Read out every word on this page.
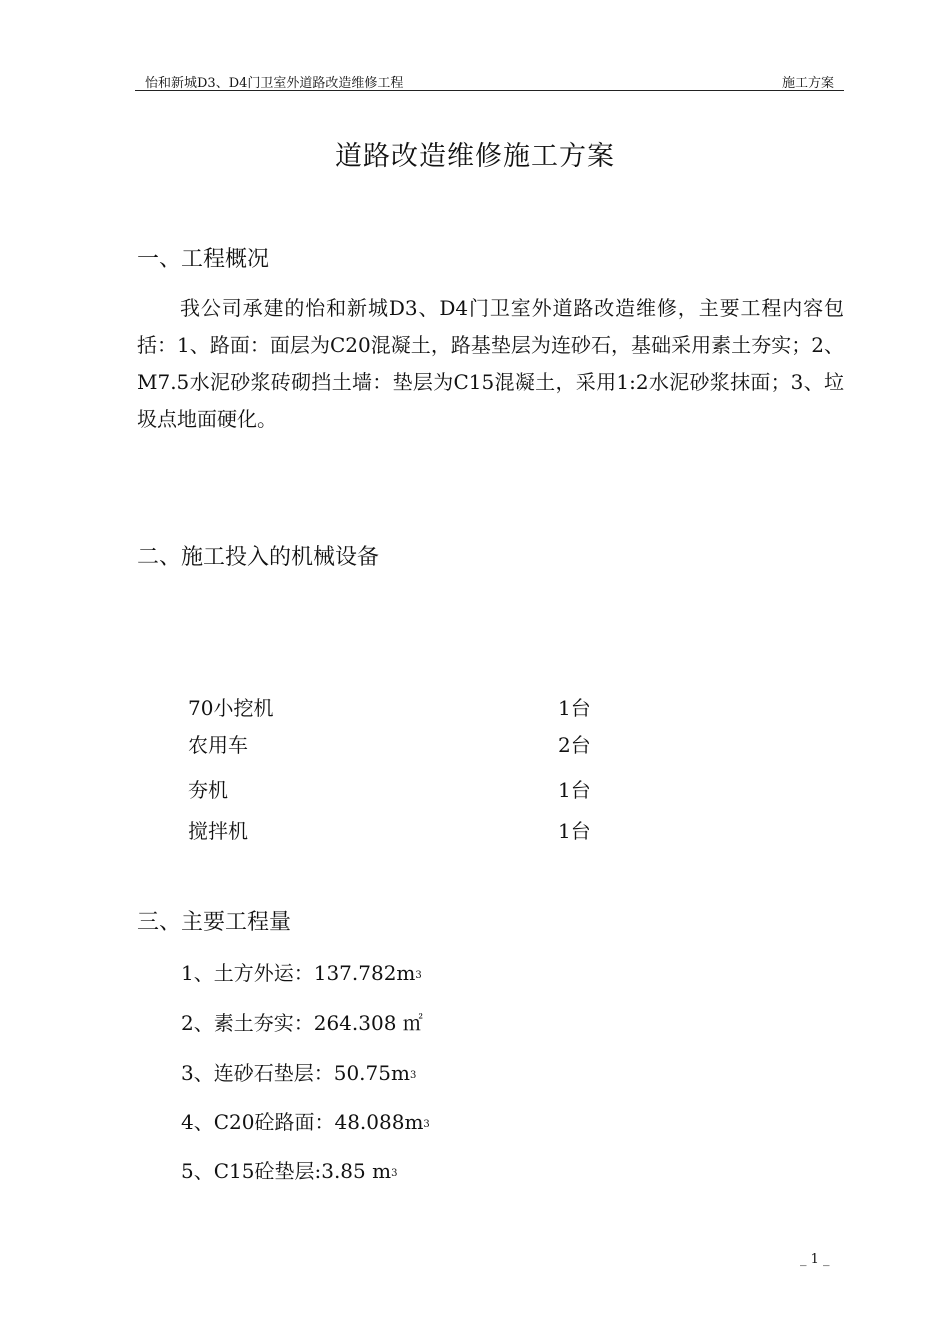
怡和新城D3、D4门卫室外道路改造维修工程	施工方案
道路改造维修施工方案
一、工程概况

我公司承建的怡和新城D3、D4门卫室外道路改造维修，主要工程内容包括：1、路面：面层为C20混凝土，路基垫层为连砂石，基础采用素土夯实；2、M7.5水泥砂浆砖砌挡土墙：垫层为C15混凝土，采用1:2水泥砂浆抹面；3、垃圾点地面硬化。

二、施工投入的机械设备
70小挖机	1台
农用车	2台
夯机	1台
搅拌机	1台
三、主要工程量
1、土方外运：$137.782m^3$
2、素土夯实：264.308 ㎡
3、连砂石垫层：$50.75m^3$
4、C20砼路面：$48.088m^3$
5、C15砼垫层:3.85 $m^3$
_ 1 _
